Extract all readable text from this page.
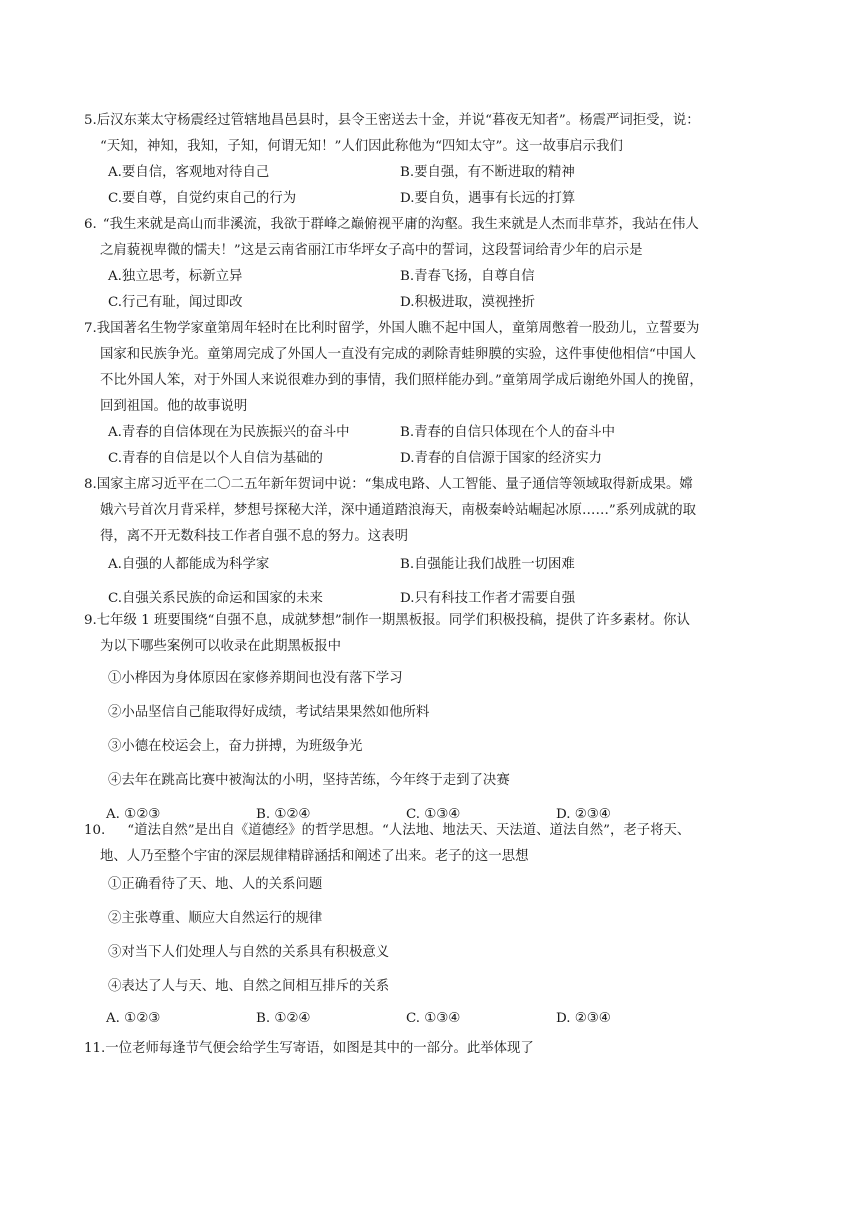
5.后汉东莱太守杨震经过管辖地昌邑县时，县令王密送去十金，并说“暮夜无知者”。杨震严词拒受，说：
“天知，神知，我知，子知，何谓无知！”人们因此称他为“四知太守”。这一故事启示我们
A.要自信，客观地对待自己	B.要自强，有不断进取的精神
C.要自尊，自觉约束自己的行为	D.要自负，遇事有长远的打算
6. “我生来就是高山而非溪流，我欲于群峰之巅俯视平庸的沟壑。我生来就是人杰而非草芥，我站在伟人
之肩藐视卑微的懦夫！”这是云南省丽江市华坪女子高中的誓词，这段誓词给青少年的启示是
A.独立思考，标新立异	B.青春飞扬，自尊自信
C.行己有耻，闻过即改	D.积极进取，漠视挫折
7.我国著名生物学家童第周年轻时在比利时留学，外国人瞧不起中国人，童第周憋着一股劲儿，立誓要为
国家和民族争光。童第周完成了外国人一直没有完成的剥除青蛙卵膜的实验，这件事使他相信“中国人
不比外国人笨，对于外国人来说很难办到的事情，我们照样能办到。”童第周学成后谢绝外国人的挽留，
回到祖国。他的故事说明
A.青春的自信体现在为民族振兴的奋斗中	B.青春的自信只体现在个人的奋斗中
C.青春的自信是以个人自信为基础的	D.青春的自信源于国家的经济实力
8.国家主席习近平在二〇二五年新年贺词中说：“集成电路、人工智能、量子通信等领域取得新成果。嫦
娥六号首次月背采样，梦想号探秘大洋，深中通道踏浪海天，南极秦岭站崛起冰原……”系列成就的取
得，离不开无数科技工作者自强不息的努力。这表明
A.自强的人都能成为科学家	B.自强能让我们战胜一切困难
C.自强关系民族的命运和国家的未来	D.只有科技工作者才需要自强
9.七年级 1 班要围绕“自强不息，成就梦想”制作一期黑板报。同学们积极投稿，提供了许多素材。你认
为以下哪些案例可以收录在此期黑板报中
①小桦因为身体原因在家修养期间也没有落下学习
②小品坚信自己能取得好成绩，考试结果果然如他所料
③小德在校运会上，奋力拼搏，为班级争光
④去年在跳高比赛中被淘汰的小明，坚持苦练，今年终于走到了决赛
A. ①②③	B. ①②④	C. ①③④	D. ②③④
10. “道法自然”是出自《道德经》的哲学思想。“人法地、地法天、天法道、道法自然”，老子将天、
地、人乃至整个宇宙的深层规律精辟涵括和阐述了出来。老子的这一思想
①正确看待了天、地、人的关系问题
②主张尊重、顺应大自然运行的规律
③对当下人们处理人与自然的关系具有积极意义
④表达了人与天、地、自然之间相互排斥的关系
A. ①②③	B. ①②④	C. ①③④	D. ②③④
11.一位老师每逢节气便会给学生写寄语，如图是其中的一部分。此举体现了
